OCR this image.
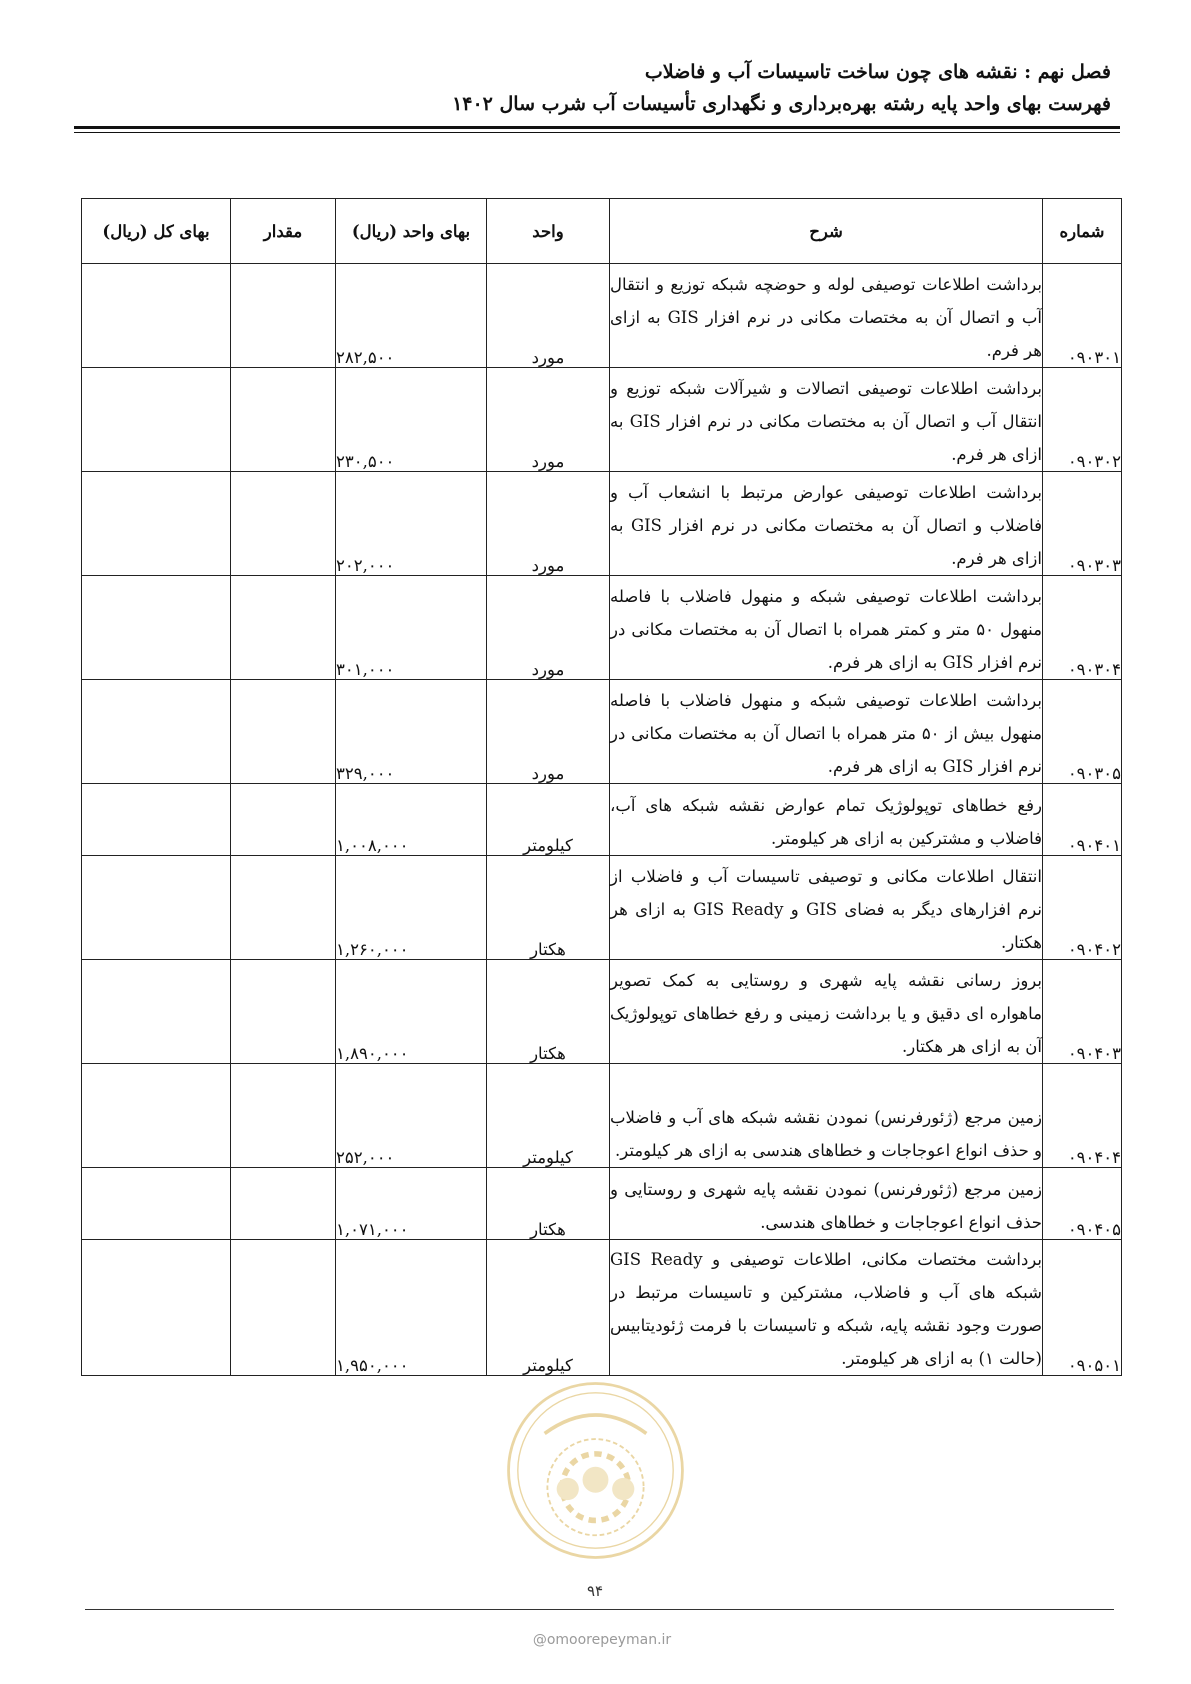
فصل نهم : نقشه های چون ساخت تاسیسات آب و فاضلاب
فهرست بهای واحد پایه رشته بهره‌برداری و نگهداری تأسیسات آب شرب سال ۱۴۰۲
شماره	شرح	واحد	بهای واحد (ریال)	مقدار	بهای کل (ریال)
۰۹۰۳۰۱	برداشت اطلاعات توصیفی لوله و حوضچه شبکه توزیع و انتقال آب و اتصال آن به مختصات مکانی در نرم افزار GIS به ازای هر فرم.	مورد	۲۸۲,۵۰۰		
۰۹۰۳۰۲	برداشت اطلاعات توصیفی اتصالات و شیرآلات شبکه توزیع و انتقال آب و اتصال آن به مختصات مکانی در نرم افزار GIS به ازای هر فرم.	مورد	۲۳۰,۵۰۰		
۰۹۰۳۰۳	برداشت اطلاعات توصیفی عوارض مرتبط با انشعاب آب و فاضلاب و اتصال آن به مختصات مکانی در نرم افزار GIS به ازای هر فرم.	مورد	۲۰۲,۰۰۰		
۰۹۰۳۰۴	برداشت اطلاعات توصیفی شبکه و منهول فاضلاب با فاصله منهول ۵۰ متر و کمتر همراه با اتصال آن به مختصات مکانی در نرم افزار GIS به ازای هر فرم.	مورد	۳۰۱,۰۰۰		
۰۹۰۳۰۵	برداشت اطلاعات توصیفی شبکه و منهول فاضلاب با فاصله منهول بیش از ۵۰ متر همراه با اتصال آن به مختصات مکانی در نرم افزار GIS به ازای هر فرم.	مورد	۳۲۹,۰۰۰		
۰۹۰۴۰۱	رفع خطاهای توپولوژیک تمام عوارض نقشه شبکه های آب، فاضلاب و مشترکین به ازای هر کیلومتر.	کیلومتر	۱,۰۰۸,۰۰۰		
۰۹۰۴۰۲	انتقال اطلاعات مکانی و توصیفی تاسیسات آب و فاضلاب از نرم افزارهای دیگر به فضای GIS و GIS Ready به ازای هر هکتار.	هکتار	۱,۲۶۰,۰۰۰		
۰۹۰۴۰۳	بروز رسانی نقشه پایه شهری و روستایی به کمک تصویر ماهواره ای دقیق و یا برداشت زمینی و رفع خطاهای توپولوژیک آن به ازای هر هکتار.	هکتار	۱,۸۹۰,۰۰۰		
۰۹۰۴۰۴	زمین مرجع (ژئورفرنس) نمودن نقشه شبکه های آب و فاضلاب و حذف انواع اعوجاجات و خطاهای هندسی به ازای هر کیلومتر.	کیلومتر	۲۵۲,۰۰۰		
۰۹۰۴۰۵	زمین مرجع (ژئورفرنس) نمودن نقشه پایه شهری و روستایی و حذف انواع اعوجاجات و خطاهای هندسی.	هکتار	۱,۰۷۱,۰۰۰		
۰۹۰۵۰۱	برداشت مختصات مکانی، اطلاعات توصیفی و GIS Ready شبکه های آب و فاضلاب، مشترکین و تاسیسات مرتبط در صورت وجود نقشه پایه، شبکه و تاسیسات با فرمت ژئودیتابیس (حالت ۱) به ازای هر کیلومتر.	کیلومتر	۱,۹۵۰,۰۰۰		
۹۴
@omoorepeyman.ir
